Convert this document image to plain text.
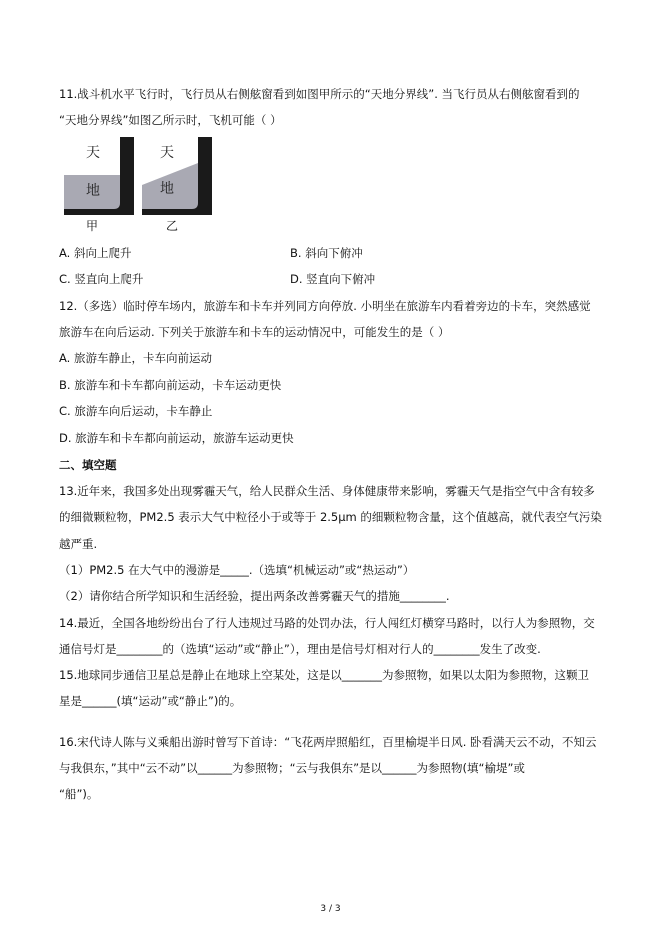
11.战斗机水平飞行时，飞行员从右侧舷窗看到如图甲所示的“天地分界线”. 当飞行员从右侧舷窗看到的
“天地分界线”如图乙所示时，飞机可能（ ）
天
地
甲
天
地
乙
A. 斜向上爬升	B. 斜向下俯冲
C. 竖直向上爬升	D. 竖直向下俯冲
12.（多选）临时停车场内，旅游车和卡车并列同方向停放. 小明坐在旅游车内看着旁边的卡车，突然感觉
旅游车在向后运动. 下列关于旅游车和卡车的运动情况中，可能发生的是（ ）
A. 旅游车静止，卡车向前运动
B. 旅游车和卡车都向前运动，卡车运动更快
C. 旅游车向后运动，卡车静止
D. 旅游车和卡车都向前运动，旅游车运动更快
二、填空题
13.近年来，我国多处出现雾霾天气，给人民群众生活、身体健康带来影响，雾霾天气是指空气中含有较多
的细微颗粒物，PM2.5 表示大气中粒径小于或等于 2.5μm 的细颗粒物含量，这个值越高，就代表空气污染
越严重.
（1）PM2.5 在大气中的漫游是_____.（选填“机械运动”或“热运动”）
（2）请你结合所学知识和生活经验，提出两条改善雾霾天气的措施________.
14.最近，全国各地纷纷出台了行人违规过马路的处罚办法，行人闯红灯横穿马路时，以行人为参照物，交
通信号灯是________的（选填“运动”或“静止”），理由是信号灯相对行人的________发生了改变.
15.地球同步通信卫星总是静止在地球上空某处，这是以_______为参照物，如果以太阳为参照物，这颗卫
星是______(填“运动”或“静止”)的。
16.宋代诗人陈与义乘船出游时曾写下首诗：“飞花两岸照船红，百里榆堤半日风. 卧看满天云不动，不知云
与我俱东，”其中“云不动”以______为参照物；“云与我俱东”是以______为参照物(填“榆堤”或
“船”)。
3 / 3
